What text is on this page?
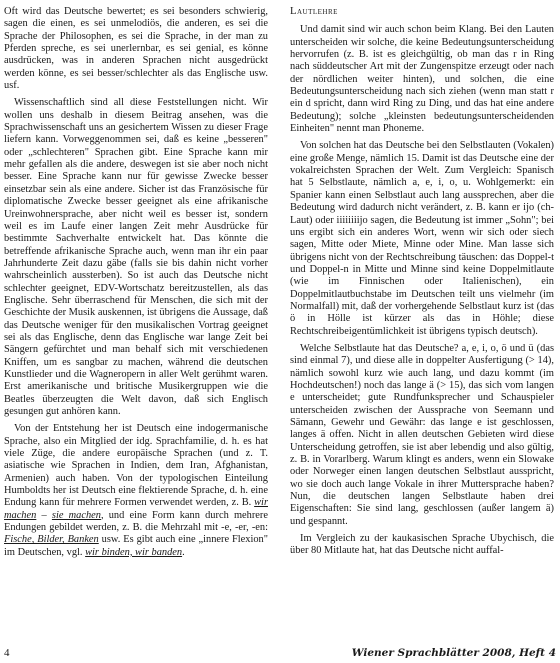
Oft wird das Deutsche bewertet; es sei besonders schwierig, sagen die einen, es sei unmelodiös, die anderen, es sei die Sprache der Philosophen, es sei die Sprache, in der man zu Pferden spreche, es sei unerlernbar, es sei genial, es könne ausdrücken, was in anderen Sprachen nicht ausgedrückt werden könne, es sei besser/schlechter als das Englische usw. usf.

Wissenschaftlich sind all diese Feststellungen nicht. Wir wollen uns deshalb in diesem Beitrag ansehen, was die Sprachwissenschaft uns an gesichertem Wissen zu dieser Frage liefern kann. Vorweggenommen sei, daß es keine „besseren" oder „schlechteren" Sprachen gibt. Eine Sprache kann mir mehr gefallen als die andere, deswegen ist sie aber noch nicht besser. Eine Sprache kann nur für gewisse Zwecke besser einsetzbar sein als eine andere. Sicher ist das Französische für diplomatische Zwecke besser geeignet als eine afrikanische Ureinwohnersprache, aber nicht weil es besser ist, sondern weil es im Laufe einer langen Zeit mehr Ausdrücke für bestimmte Sachverhalte entwickelt hat. Das könnte die betreffende afrikanische Sprache auch, wenn man ihr ein paar Jahrhunderte Zeit dazu gäbe (falls sie bis dahin nicht vorher wahrscheinlich aussterben). So ist auch das Deutsche nicht schlechter geeignet, EDV-Wortschatz bereitzustellen, als das Englische. Sehr überraschend für Menschen, die sich mit der Geschichte der Musik auskennen, ist übrigens die Aussage, daß das Deutsche weniger für den musikalischen Vortrag geeignet sei als das Englische, denn das Englische war lange Zeit bei Sängern gefürchtet und man behalf sich mit verschiedenen Kniffen, um es sangbar zu machen, während die deutschen Kunstlieder und die Wagneropern in aller Welt gerühmt waren. Erst amerikanische und britische Musikergruppen wie die Beatles überzeugten die Welt davon, daß sich Englisch gesungen gut anhören kann.

Von der Entstehung her ist Deutsch eine indogermanische Sprache, also ein Mitglied der idg. Sprachfamilie, d. h. es hat viele Züge, die andere europäische Sprachen (und z. T. asiatische wie Sprachen in Indien, dem Iran, Afghanistan, Armenien) auch haben. Von der typologischen Einteilung Humboldts her ist Deutsch eine flektierende Sprache, d. h. eine Endung kann für mehrere Formen verwendet werden, z. B. wir machen – sie machen, und eine Form kann durch mehrere Endungen gebildet werden, z. B. die Mehrzahl mit -e, -er, -en: Fische, Bilder, Banken usw. Es gibt auch eine „innere Flexion" im Deutschen, vgl. wir binden, wir banden.

Lautlehre

Und damit sind wir auch schon beim Klang. Bei den Lauten unterscheiden wir solche, die keine Bedeutungsunterscheidung hervorrufen (z. B. ist es gleichgültig, ob man das r in Ring nach süddeutscher Art mit der Zungenspitze erzeugt oder nach der nördlichen weiter hinten), und solchen, die eine Bedeutungsunterscheidung nach sich ziehen (wenn man statt r ein d spricht, dann wird Ring zu Ding, und das hat eine andere Bedeutung); solche „kleinsten bedeutungsunterscheidenden Einheiten" nennt man Phoneme.

Von solchen hat das Deutsche bei den Selbstlauten (Vokalen) eine große Menge, nämlich 15. Damit ist das Deutsche eine der vokalreichsten Sprachen der Welt. Zum Vergleich: Spanisch hat 5 Selbstlaute, nämlich a, e, i, o, u. Wohlgemerkt: ein Spanier kann einen Selbstlaut auch lang aussprechen, aber die Bedeutung wird dadurch nicht verändert, z. B. kann er ijo (ch-Laut) oder iiiiiiiijo sagen, die Bedeutung ist immer „Sohn"; bei uns ergibt sich ein anderes Wort, wenn wir sich oder siech sagen, Mitte oder Miete, Minne oder Mine. Man lasse sich übrigens nicht von der Rechtschreibung täuschen: das Doppel-t und Doppel-n in Mitte und Minne sind keine Doppelmitlaute (wie im Finnischen oder Italienischen), ein Doppelmitlautbuchstabe im Deutschen teilt uns vielmehr (im Normalfall) mit, daß der vorhergehende Selbstlaut kurz ist (das ö in Hölle ist kürzer als das in Höhle; diese Rechtschreibeigentümlichkeit ist übrigens typisch deutsch).

Welche Selbstlaute hat das Deutsche? a, e, i, o, ö und ü (das sind einmal 7), und diese alle in doppelter Ausfertigung (> 14), nämlich sowohl kurz wie auch lang, und dazu kommt (im Hochdeutschen!) noch das lange ä (> 15), das sich vom langen e unterscheidet; gute Rundfunksprecher und Schauspieler unterscheiden zwischen der Aussprache von Seemann und Sämann, Gewehr und Gewähr: das lange e ist geschlossen, langes ä offen. Nicht in allen deutschen Gebieten wird diese Unterscheidung getroffen, sie ist aber lebendig und also gültig, z. B. in Vorarlberg. Warum klingt es anders, wenn ein Slowake oder Norweger einen langen deutschen Selbstlaut ausspricht, wo sie doch auch lange Vokale in ihrer Muttersprache haben? Nun, die deutschen langen Selbstlaute haben drei Eigenschaften: Sie sind lang, geschlossen (außer langem ä) und gespannt.

Im Vergleich zu der kaukasischen Sprache Ubychisch, die über 80 Mitlaute hat, hat das Deutsche nicht auffal-

4	Wiener Sprachblätter 2008, Heft 4
